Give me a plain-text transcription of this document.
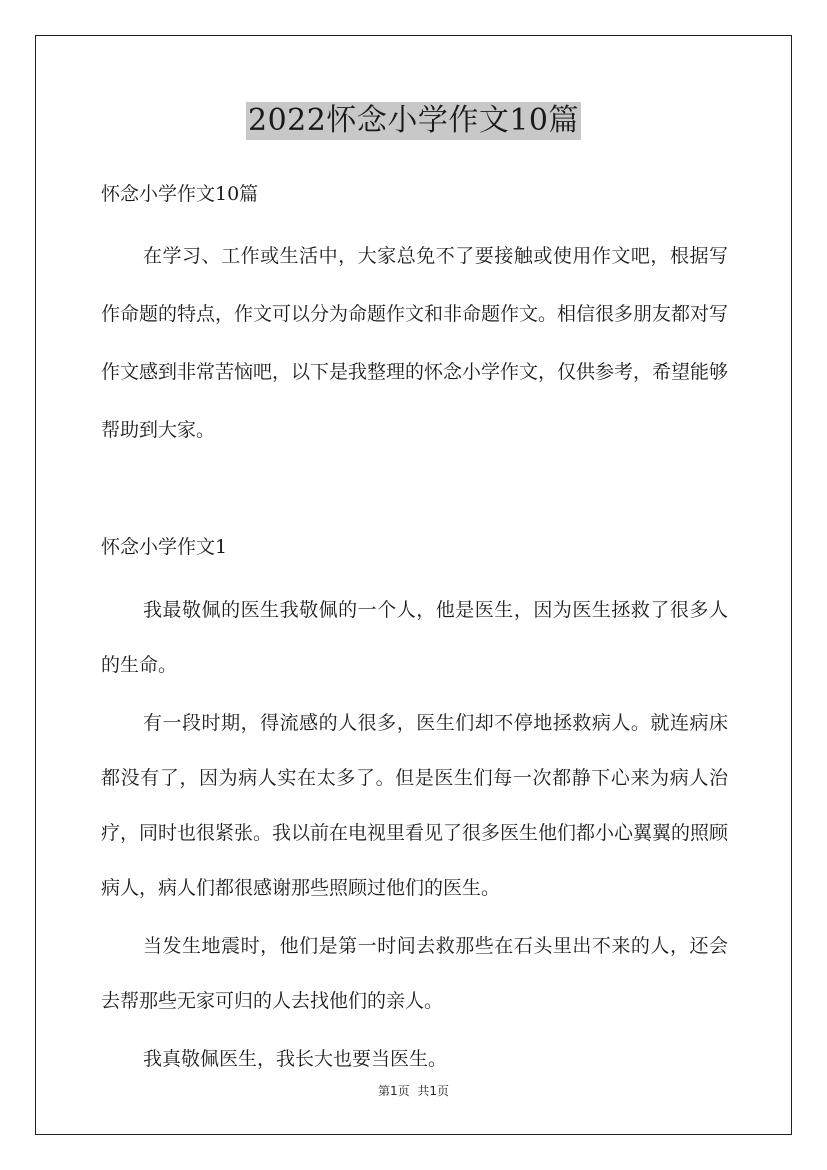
2022怀念小学作文10篇

怀念小学作文10篇

在学习、工作或生活中，大家总免不了要接触或使用作文吧，根据写作命题的特点，作文可以分为命题作文和非命题作文。相信很多朋友都对写作文感到非常苦恼吧，以下是我整理的怀念小学作文，仅供参考，希望能够帮助到大家。

怀念小学作文1

我最敬佩的医生我敬佩的一个人，他是医生，因为医生拯救了很多人的生命。

有一段时期，得流感的人很多，医生们却不停地拯救病人。就连病床都没有了，因为病人实在太多了。但是医生们每一次都静下心来为病人治疗，同时也很紧张。我以前在电视里看见了很多医生他们都小心翼翼的照顾病人，病人们都很感谢那些照顾过他们的医生。

当发生地震时，他们是第一时间去救那些在石头里出不来的人，还会去帮那些无家可归的人去找他们的亲人。

我真敬佩医生，我长大也要当医生。

第1页 共1页
